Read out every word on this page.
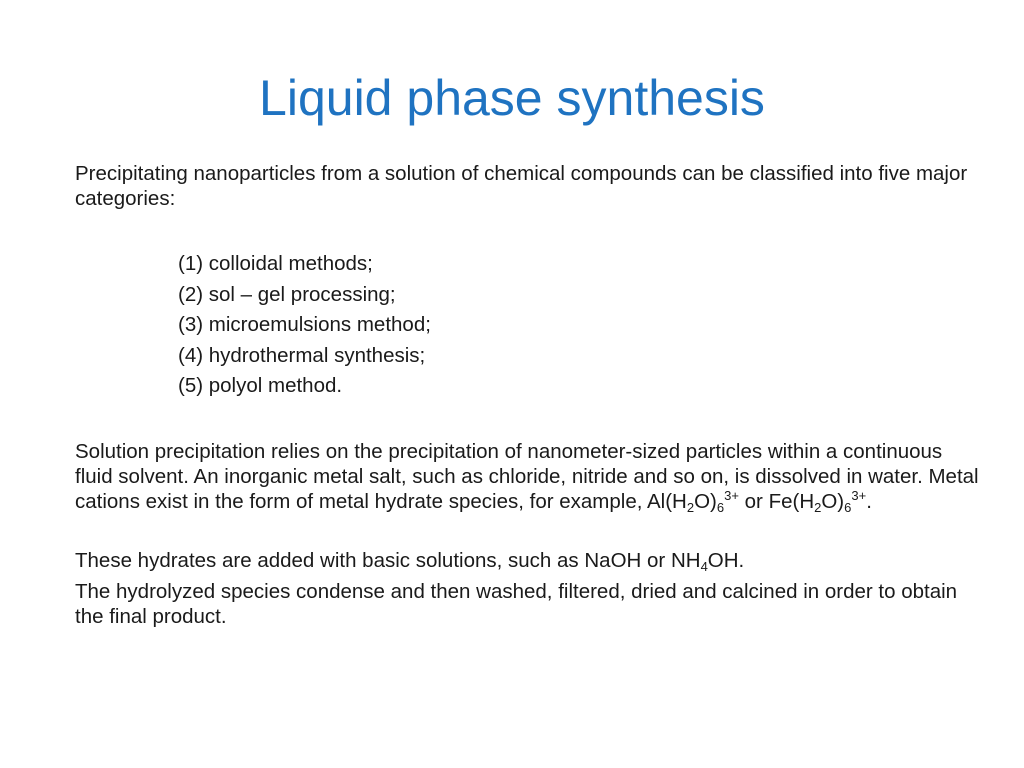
Liquid phase synthesis

Precipitating nanoparticles from a solution of chemical compounds can be classified into five major categories:

(1) colloidal methods;
(2) sol – gel processing;
(3) microemulsions method;
(4) hydrothermal synthesis;
(5) polyol method.

Solution precipitation relies on the precipitation of nanometer-sized particles within a continuous fluid solvent. An inorganic metal salt, such as chloride, nitride and so on, is dissolved in water. Metal cations exist in the form of metal hydrate species, for example, $Al(H_2O)_6^{3+}$ or $Fe(H_2O)_6^{3+}$.

These hydrates are added with basic solutions, such as NaOH or $NH_4OH$.

The hydrolyzed species condense and then washed, filtered, dried and calcined in order to obtain the final product.
